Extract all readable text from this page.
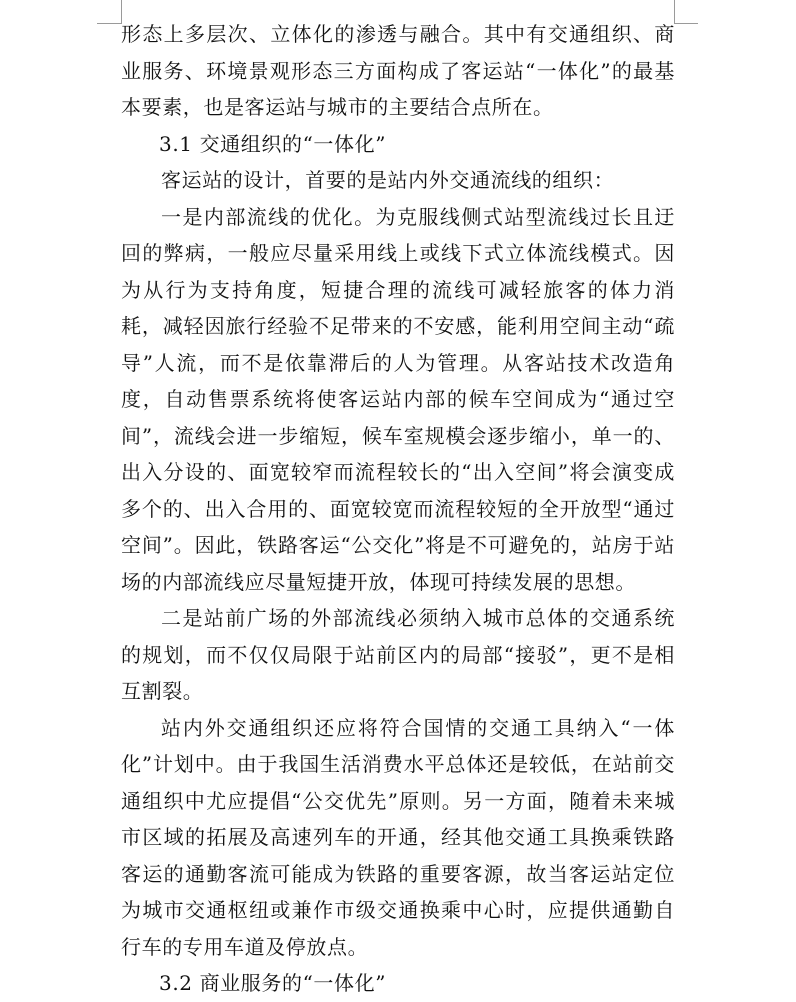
形态上多层次、立体化的渗透与融合。其中有交通组织、商业服务、环境景观形态三方面构成了客运站“一体化”的最基本要素，也是客运站与城市的主要结合点所在。

3.1 交通组织的“一体化”

客运站的设计，首要的是站内外交通流线的组织：

一是内部流线的优化。为克服线侧式站型流线过长且迂回的弊病，一般应尽量采用线上或线下式立体流线模式。因为从行为支持角度，短捷合理的流线可减轻旅客的体力消耗，减轻因旅行经验不足带来的不安感，能利用空间主动“疏导”人流，而不是依靠滞后的人为管理。从客站技术改造角度，自动售票系统将使客运站内部的候车空间成为“通过空间”，流线会进一步缩短，候车室规模会逐步缩小，单一的、出入分设的、面宽较窄而流程较长的“出入空间”将会演变成多个的、出入合用的、面宽较宽而流程较短的全开放型“通过空间”。因此，铁路客运“公交化”将是不可避免的，站房于站场的内部流线应尽量短捷开放，体现可持续发展的思想。

二是站前广场的外部流线必须纳入城市总体的交通系统的规划，而不仅仅局限于站前区内的局部“接驳”，更不是相互割裂。

站内外交通组织还应将符合国情的交通工具纳入“一体化”计划中。由于我国生活消费水平总体还是较低，在站前交通组织中尤应提倡“公交优先”原则。另一方面，随着未来城市区域的拓展及高速列车的开通，经其他交通工具换乘铁路客运的通勤客流可能成为铁路的重要客源，故当客运站定位为城市交通枢纽或兼作市级交通换乘中心时，应提供通勤自行车的专用车道及停放点。

3.2 商业服务的“一体化”
